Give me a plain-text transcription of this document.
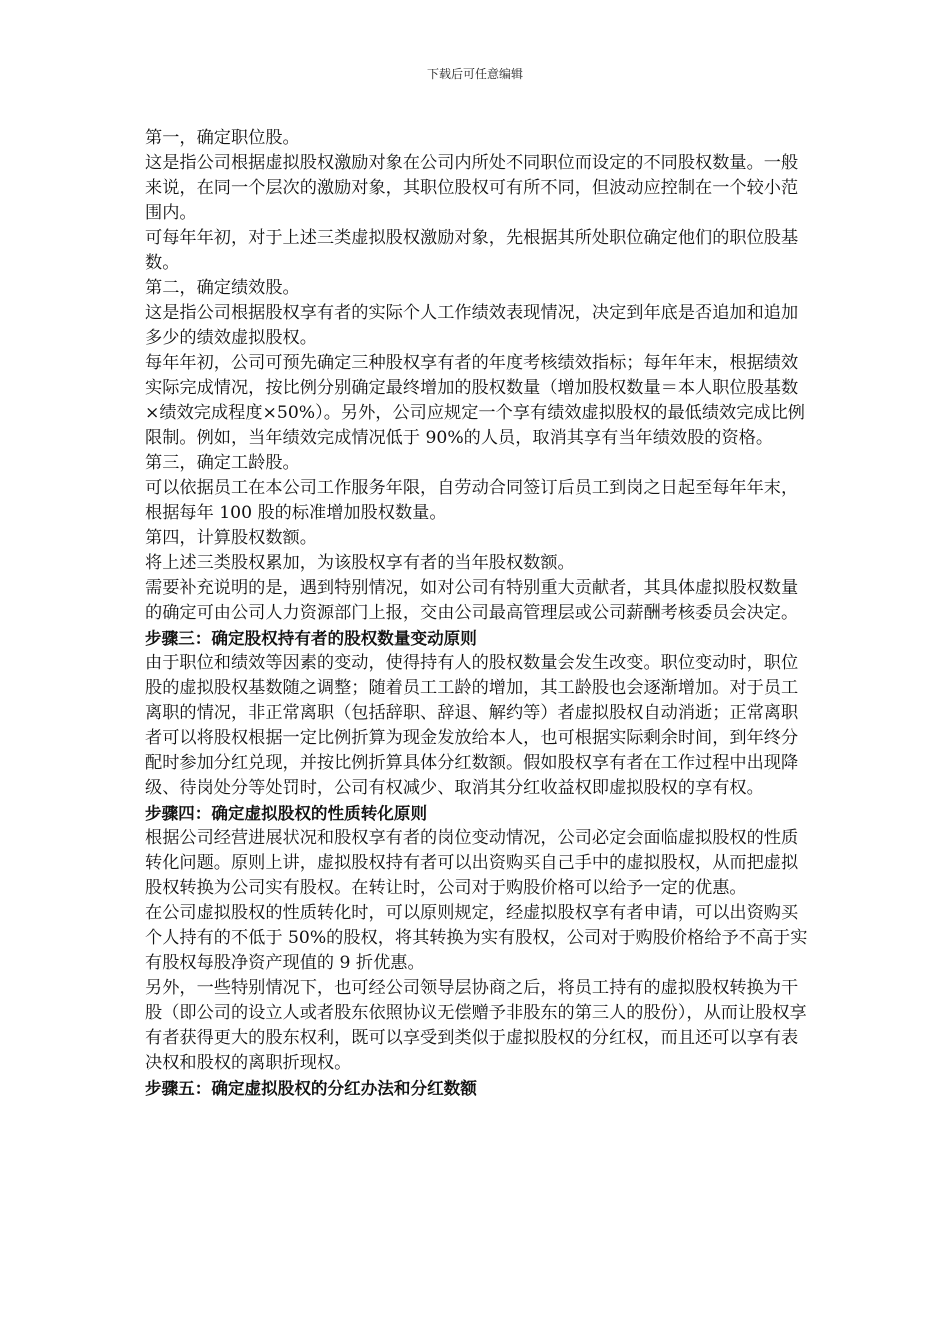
下载后可任意编辑

第一，确定职位股。

这是指公司根据虚拟股权激励对象在公司内所处不同职位而设定的不同股权数量。一般来说，在同一个层次的激励对象，其职位股权可有所不同，但波动应控制在一个较小范围内。

可每年年初，对于上述三类虚拟股权激励对象，先根据其所处职位确定他们的职位股基数。

第二，确定绩效股。

这是指公司根据股权享有者的实际个人工作绩效表现情况，决定到年底是否追加和追加多少的绩效虚拟股权。

每年年初，公司可预先确定三种股权享有者的年度考核绩效指标；每年年末，根据绩效实际完成情况，按比例分别确定最终增加的股权数量（增加股权数量＝本人职位股基数×绩效完成程度×50%）。另外，公司应规定一个享有绩效虚拟股权的最低绩效完成比例限制。例如，当年绩效完成情况低于 90%的人员，取消其享有当年绩效股的资格。

第三，确定工龄股。

可以依据员工在本公司工作服务年限，自劳动合同签订后员工到岗之日起至每年年末，根据每年 100 股的标准增加股权数量。

第四，计算股权数额。

将上述三类股权累加，为该股权享有者的当年股权数额。

需要补充说明的是，遇到特别情况，如对公司有特别重大贡献者，其具体虚拟股权数量的确定可由公司人力资源部门上报，交由公司最高管理层或公司薪酬考核委员会决定。

步骤三：确定股权持有者的股权数量变动原则

由于职位和绩效等因素的变动，使得持有人的股权数量会发生改变。职位变动时，职位股的虚拟股权基数随之调整；随着员工工龄的增加，其工龄股也会逐渐增加。对于员工离职的情况，非正常离职（包括辞职、辞退、解约等）者虚拟股权自动消逝；正常离职者可以将股权根据一定比例折算为现金发放给本人，也可根据实际剩余时间，到年终分配时参加分红兑现，并按比例折算具体分红数额。假如股权享有者在工作过程中出现降级、待岗处分等处罚时，公司有权减少、取消其分红收益权即虚拟股权的享有权。

步骤四：确定虚拟股权的性质转化原则

根据公司经营进展状况和股权享有者的岗位变动情况，公司必定会面临虚拟股权的性质转化问题。原则上讲，虚拟股权持有者可以出资购买自己手中的虚拟股权，从而把虚拟股权转换为公司实有股权。在转让时，公司对于购股价格可以给予一定的优惠。

在公司虚拟股权的性质转化时，可以原则规定，经虚拟股权享有者申请，可以出资购买个人持有的不低于 50%的股权，将其转换为实有股权，公司对于购股价格给予不高于实有股权每股净资产现值的 9 折优惠。

另外，一些特别情况下，也可经公司领导层协商之后，将员工持有的虚拟股权转换为干股（即公司的设立人或者股东依照协议无偿赠予非股东的第三人的股份），从而让股权享有者获得更大的股东权利，既可以享受到类似于虚拟股权的分红权，而且还可以享有表决权和股权的离职折现权。

步骤五：确定虚拟股权的分红办法和分红数额
